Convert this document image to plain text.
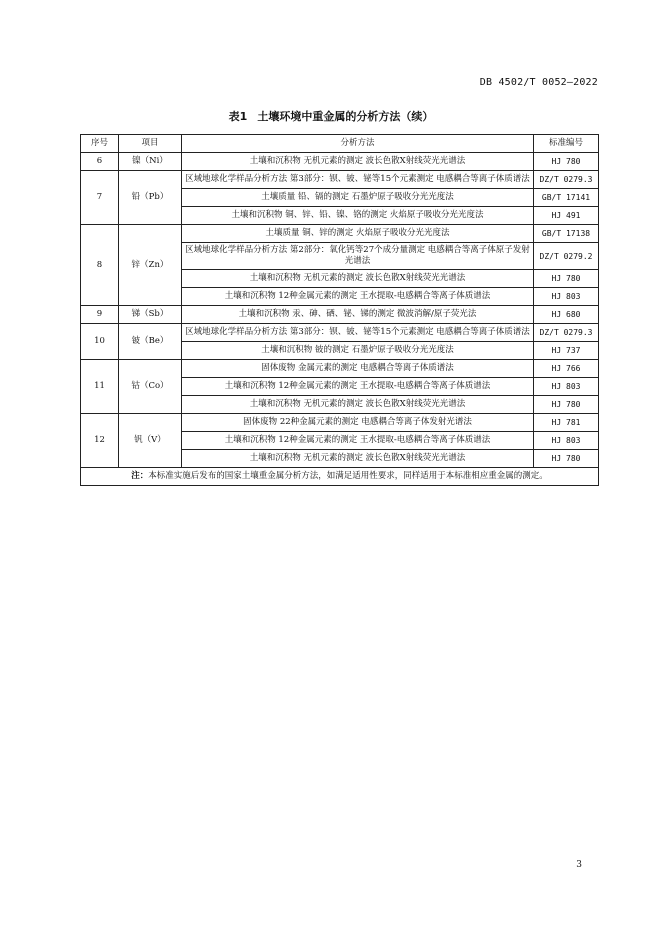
DB 4502/T 0052—2022
表1 土壤环境中重金属的分析方法（续）
序号	项目	分析方法	标准编号
6	镍（Ni）	土壤和沉积物 无机元素的测定 波长色散X射线荧光光谱法	HJ 780
7	铅（Pb）	区域地球化学样品分析方法 第3部分：钡、铍、铋等15个元素测定 电感耦合等离子体质谱法	DZ/T 0279.3
		土壤质量 铅、镉的测定 石墨炉原子吸收分光光度法	GB/T 17141
		土壤和沉积物 铜、锌、铅、镍、铬的测定 火焰原子吸收分光光度法	HJ 491
8	锌（Zn）	土壤质量 铜、锌的测定 火焰原子吸收分光光度法	GB/T 17138
		区域地球化学样品分析方法 第2部分：氧化钙等27个成分量测定 电感耦合等离子体原子发射光谱法	DZ/T 0279.2
		土壤和沉积物 无机元素的测定 波长色散X射线荧光光谱法	HJ 780
		土壤和沉积物 12种金属元素的测定 王水提取-电感耦合等离子体质谱法	HJ 803
9	锑（Sb）	土壤和沉积物 汞、砷、硒、铋、锑的测定 微波消解/原子荧光法	HJ 680
10	铍（Be）	区域地球化学样品分析方法 第3部分：钡、铍、铋等15个元素测定 电感耦合等离子体质谱法	DZ/T 0279.3
		土壤和沉积物 铍的测定 石墨炉原子吸收分光光度法	HJ 737
11	钴（Co）	固体废物 金属元素的测定 电感耦合等离子体质谱法	HJ 766
		土壤和沉积物 12种金属元素的测定 王水提取-电感耦合等离子体质谱法	HJ 803
		土壤和沉积物 无机元素的测定 波长色散X射线荧光光谱法	HJ 780
12	钒（V）	固体废物 22种金属元素的测定 电感耦合等离子体发射光谱法	HJ 781
		土壤和沉积物 12种金属元素的测定 王水提取-电感耦合等离子体质谱法	HJ 803
		土壤和沉积物 无机元素的测定 波长色散X射线荧光光谱法	HJ 780
注：本标准实施后发布的国家土壤重金属分析方法，如满足适用性要求，同样适用于本标准相应重金属的测定。			
3
